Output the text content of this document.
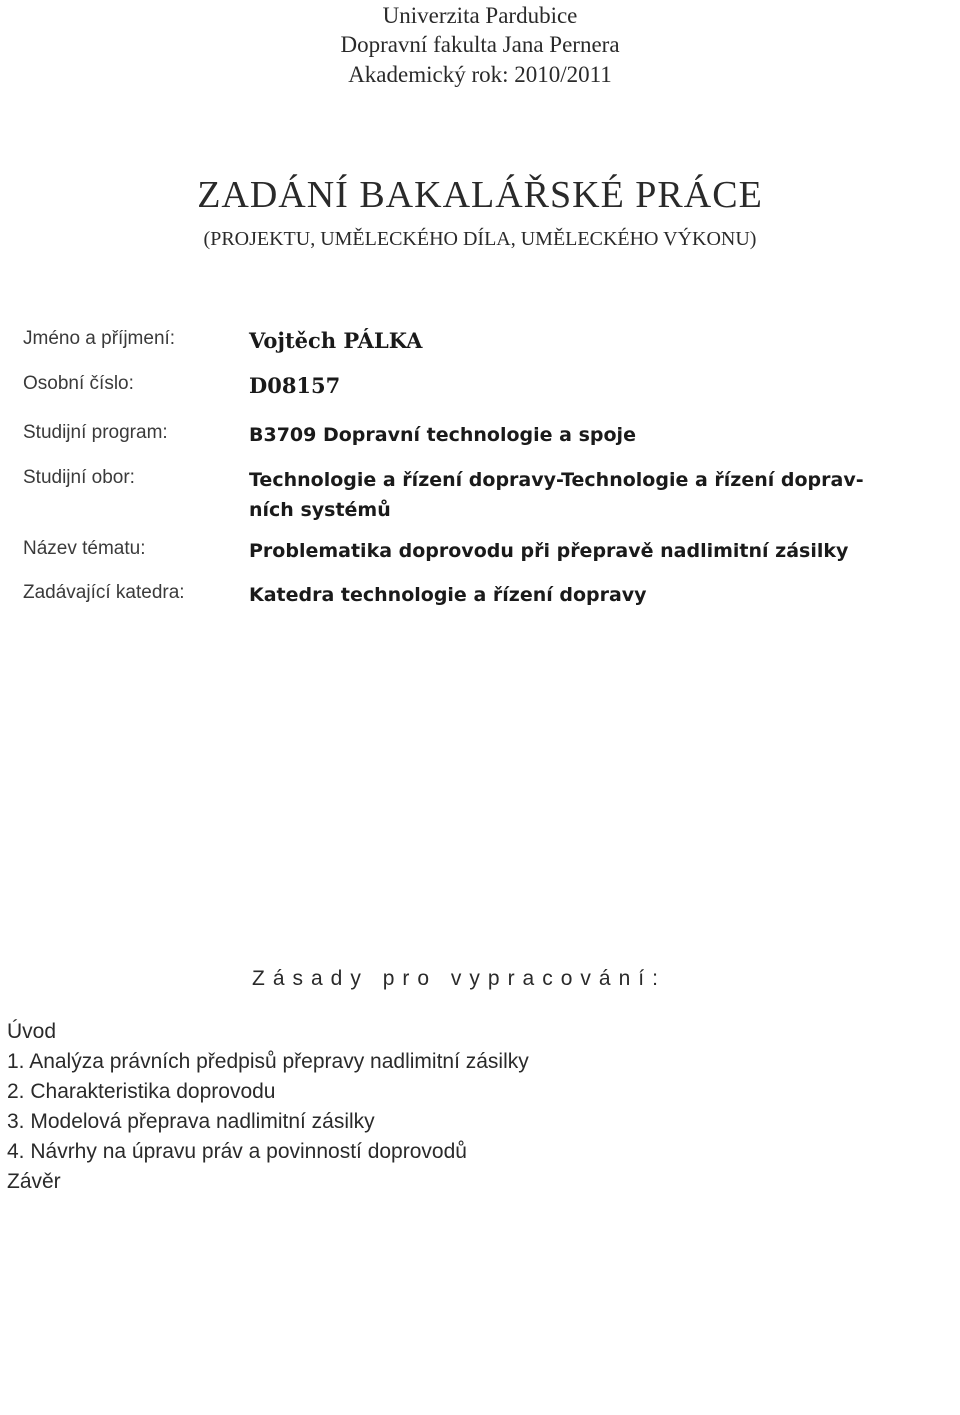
Univerzita Pardubice
Dopravní fakulta Jana Pernera
Akademický rok: 2010/2011
ZADÁNÍ BAKALÁŘSKÉ PRÁCE
(PROJEKTU, UMĚLECKÉHO DÍLA, UMĚLECKÉHO VÝKONU)
Jméno a příjmení:	Vojtěch PÁLKA
Osobní číslo:	D08157
Studijní program:	B3709 Dopravní technologie a spoje
Studijní obor:	Technologie a řízení dopravy-Technologie a řízení doprav-
ních systémů
Název tématu:	Problematika doprovodu při přepravě nadlimitní zásilky
Zadávající katedra:	Katedra technologie a řízení dopravy
Zásady pro vypracování:
Úvod
1. Analýza právních předpisů přepravy nadlimitní zásilky
2. Charakteristika doprovodu
3. Modelová přeprava nadlimitní zásilky
4. Návrhy na úpravu práv a povinností doprovodů
Závěr
